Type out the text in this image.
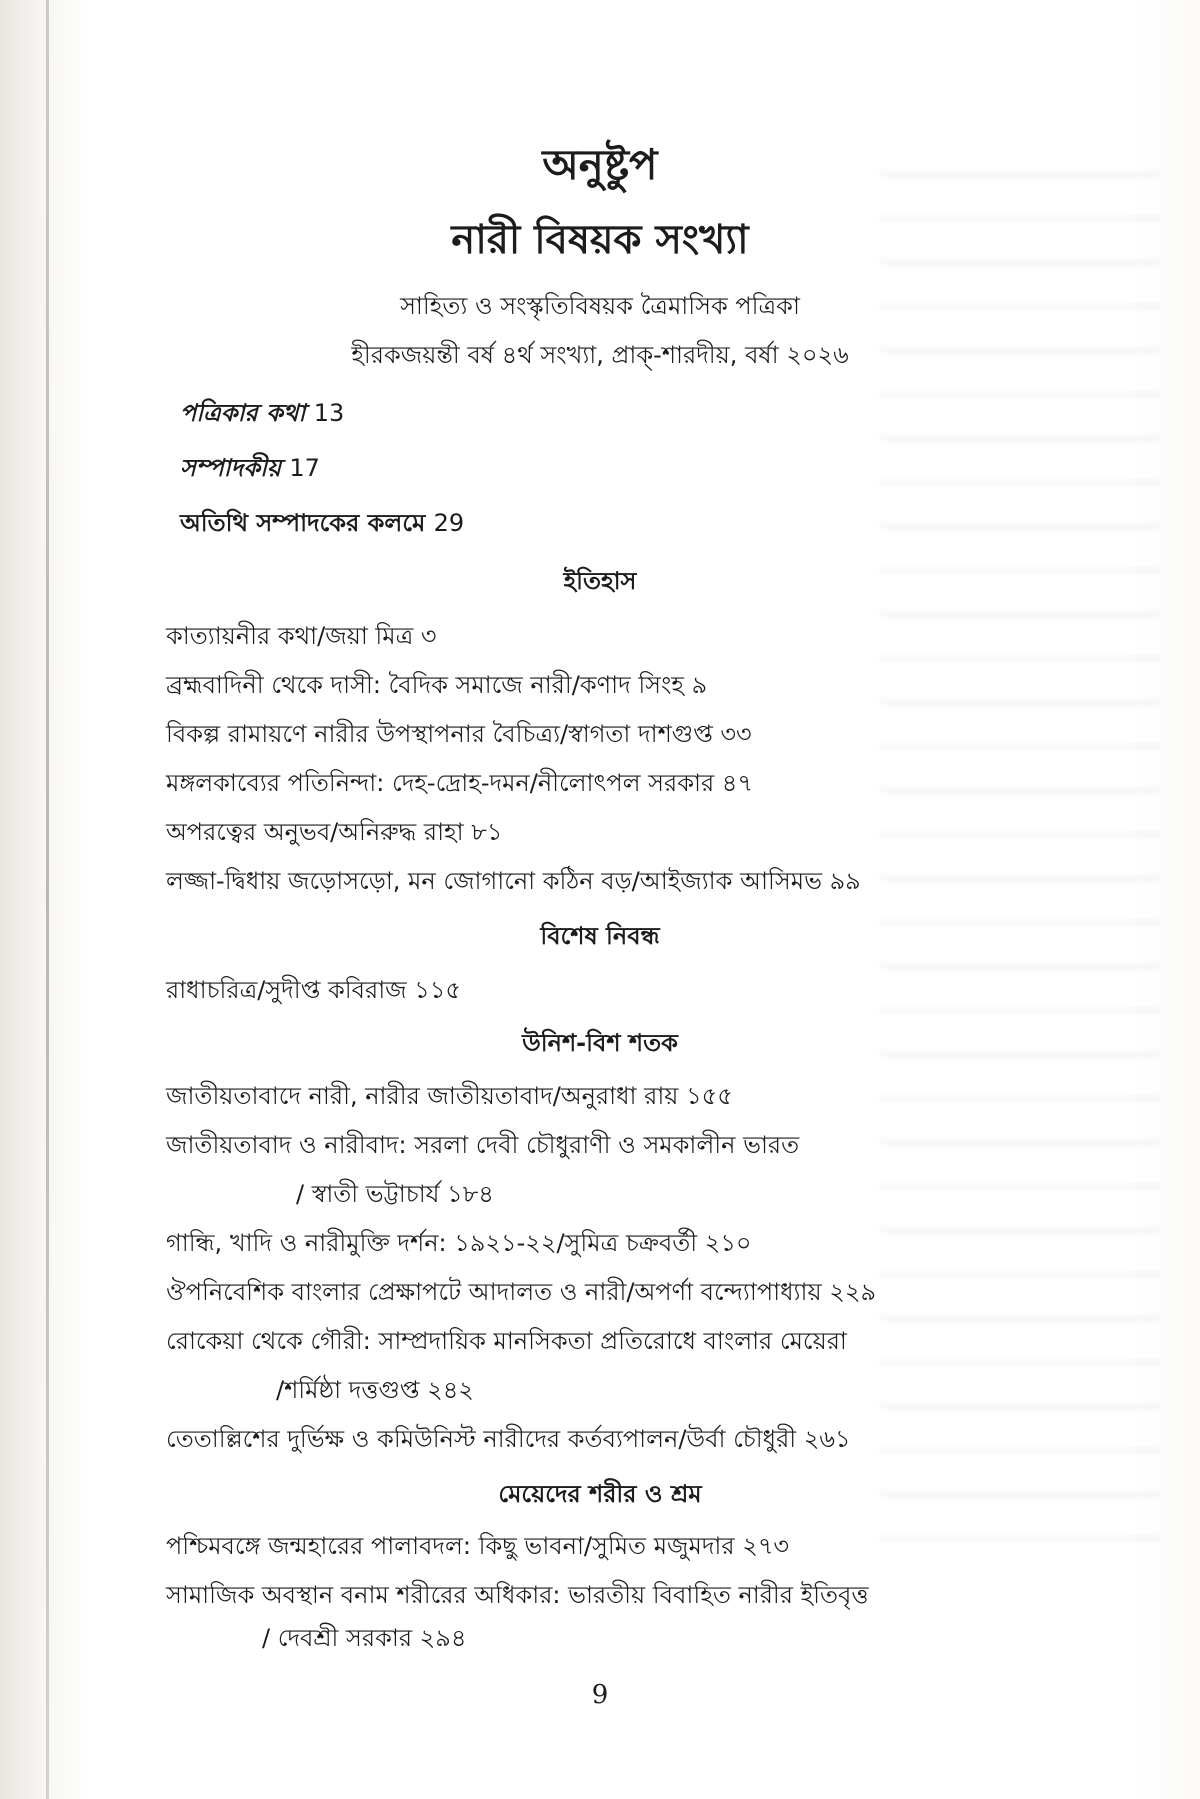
অনুষ্টুপ
নারী বিষয়ক সংখ্যা
সাহিত্য ও সংস্কৃতিবিষয়ক ত্রৈমাসিক পত্রিকা
হীরকজয়ন্তী বর্ষ ৪র্থ সংখ্যা, প্রাক্-শারদীয়, বর্ষা ২০২৬
পত্রিকার কথা 13
সম্পাদকীয় 17
অতিথি সম্পাদকের কলমে 29
ইতিহাস
কাত্যায়নীর কথা/জয়া মিত্র ৩
ব্রহ্মবাদিনী থেকে দাসী: বৈদিক সমাজে নারী/কণাদ সিংহ ৯
বিকল্প রামায়ণে নারীর উপস্থাপনার বৈচিত্র্য/স্বাগতা দাশগুপ্ত ৩৩
মঙ্গলকাব্যের পতিনিন্দা: দেহ-দ্রোহ-দমন/নীলোৎপল সরকার ৪৭
অপরত্বের অনুভব/অনিরুদ্ধ রাহা ৮১
লজ্জা-দ্বিধায় জড়োসড়ো, মন জোগানো কঠিন বড়/আইজ্যাক আসিমভ ৯৯
বিশেষ নিবন্ধ
রাধাচরিত্র/সুদীপ্ত কবিরাজ ১১৫
উনিশ-বিশ শতক
জাতীয়তাবাদে নারী, নারীর জাতীয়তাবাদ/অনুরাধা রায় ১৫৫
জাতীয়তাবাদ ও নারীবাদ: সরলা দেবী চৌধুরাণী ও সমকালীন ভারত
/ স্বাতী ভট্টাচার্য ১৮৪
গান্ধি, খাদি ও নারীমুক্তি দর্শন: ১৯২১-২২/সুমিত্র চক্রবর্তী ২১০
ঔপনিবেশিক বাংলার প্রেক্ষাপটে আদালত ও নারী/অপর্ণা বন্দ্যোপাধ্যায় ২২৯
রোকেয়া থেকে গৌরী: সাম্প্রদায়িক মানসিকতা প্রতিরোধে বাংলার মেয়েরা
/শর্মিষ্ঠা দত্তগুপ্ত ২৪২
তেতাল্লিশের দুর্ভিক্ষ ও কমিউনিস্ট নারীদের কর্তব্যপালন/উর্বা চৌধুরী ২৬১
মেয়েদের শরীর ও শ্রম
পশ্চিমবঙ্গে জন্মহারের পালাবদল: কিছু ভাবনা/সুমিত মজুমদার ২৭৩
সামাজিক অবস্থান বনাম শরীরের অধিকার: ভারতীয় বিবাহিত নারীর ইতিবৃত্ত
/ দেবশ্রী সরকার ২৯৪
9
